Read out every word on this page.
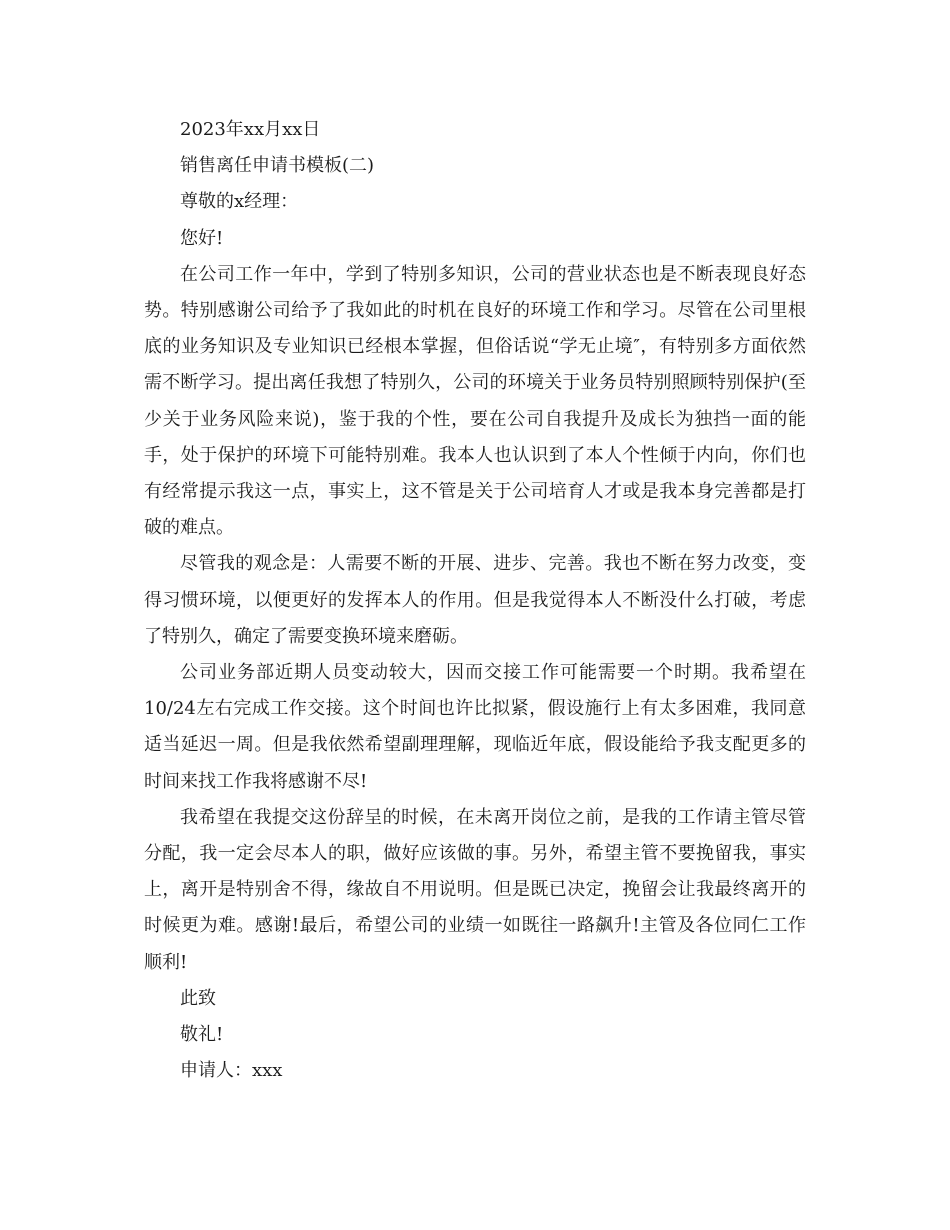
2023年xx月xx日

销售离任申请书模板(二)

尊敬的x经理：

您好!

在公司工作一年中，学到了特别多知识，公司的营业状态也是不断表现良好态势。特别感谢公司给予了我如此的时机在良好的环境工作和学习。尽管在公司里根底的业务知识及专业知识已经根本掌握，但俗话说“学无止境″，有特别多方面依然需不断学习。提出离任我想了特别久，公司的环境关于业务员特别照顾特别保护(至少关于业务风险来说)，鉴于我的个性，要在公司自我提升及成长为独挡一面的能手，处于保护的环境下可能特别难。我本人也认识到了本人个性倾于内向，你们也有经常提示我这一点，事实上，这不管是关于公司培育人才或是我本身完善都是打破的难点。

尽管我的观念是：人需要不断的开展、进步、完善。我也不断在努力改变，变得习惯环境，以便更好的发挥本人的作用。但是我觉得本人不断没什么打破，考虑了特别久，确定了需要变换环境来磨砺。

公司业务部近期人员变动较大，因而交接工作可能需要一个时期。我希望在10/24左右完成工作交接。这个时间也许比拟紧，假设施行上有太多困难，我同意适当延迟一周。但是我依然希望副理理解，现临近年底，假设能给予我支配更多的时间来找工作我将感谢不尽!

我希望在我提交这份辞呈的时候，在未离开岗位之前，是我的工作请主管尽管分配，我一定会尽本人的职，做好应该做的事。另外，希望主管不要挽留我，事实上，离开是特别舍不得，缘故自不用说明。但是既已决定，挽留会让我最终离开的时候更为难。感谢!最后，希望公司的业绩一如既往一路飙升!主管及各位同仁工作顺利!

此致

敬礼!

申请人：xxx
